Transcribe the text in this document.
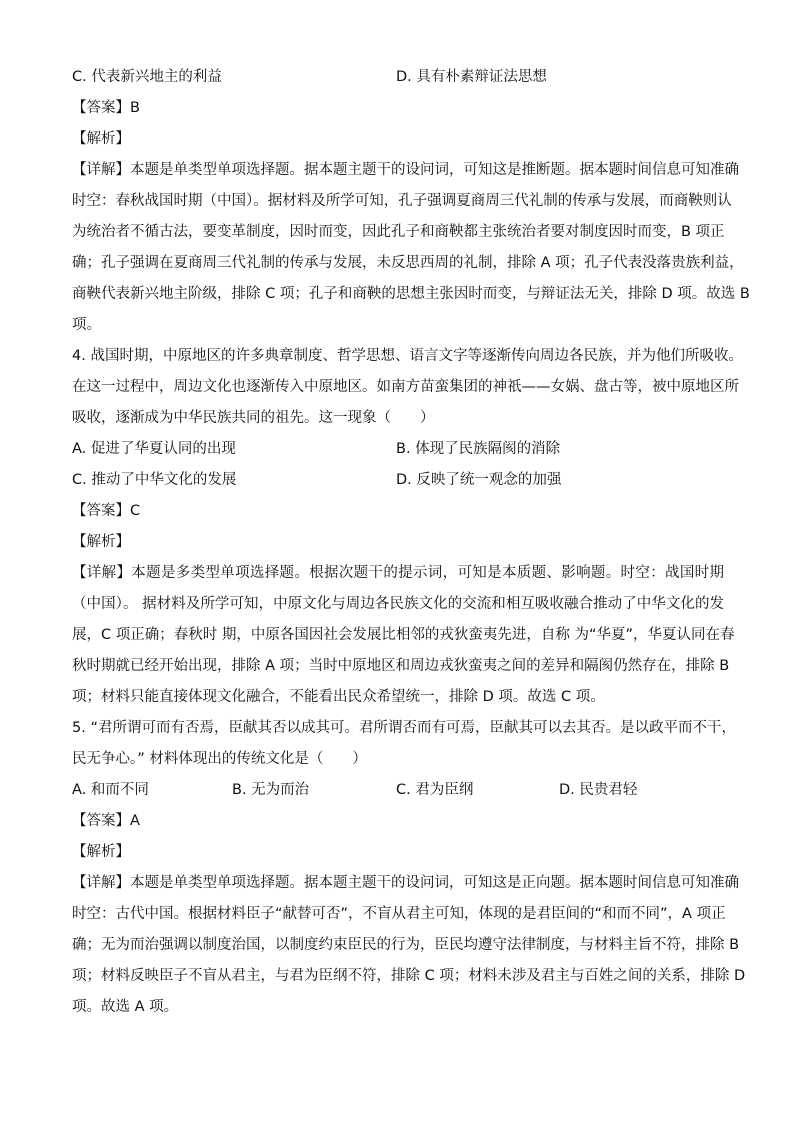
C. 代表新兴地主的利益	D. 具有朴素辩证法思想
【答案】B
【解析】
【详解】本题是单类型单项选择题。据本题主题干的设问词，可知这是推断题。据本题时间信息可知准确
时空：春秋战国时期（中国）。据材料及所学可知，孔子强调夏商周三代礼制的传承与发展，而商鞅则认
为统治者不循古法，要变革制度，因时而变，因此孔子和商鞅都主张统治者要对制度因时而变，B 项正
确；孔子强调在夏商周三代礼制的传承与发展，未反思西周的礼制，排除 A 项；孔子代表没落贵族利益，
商鞅代表新兴地主阶级，排除 C 项；孔子和商鞅的思想主张因时而变，与辩证法无关，排除 D 项。故选 B
项。
4. 战国时期，中原地区的许多典章制度、哲学思想、语言文字等逐渐传向周边各民族，并为他们所吸收。
在这一过程中，周边文化也逐渐传入中原地区。如南方苗蛮集团的神祇——女娲、盘古等，被中原地区所
吸收，逐渐成为中华民族共同的祖先。这一现象（　　）
A. 促进了华夏认同的出现	B. 体现了民族隔阂的消除
C. 推动了中华文化的发展	D. 反映了统一观念的加强
【答案】C
【解析】
【详解】本题是多类型单项选择题。根据次题干的提示词，可知是本质题、影响题。时空：战国时期
（中国）。 据材料及所学可知，中原文化与周边各民族文化的交流和相互吸收融合推动了中华文化的发
展，C 项正确；春秋时 期，中原各国因社会发展比相邻的戎狄蛮夷先进，自称 为“华夏”，华夏认同在春
秋时期就已经开始出现，排除 A 项；当时中原地区和周边戎狄蛮夷之间的差异和隔阂仍然存在，排除 B
项；材料只能直接体现文化融合，不能看出民众希望统一，排除 D 项。故选 C 项。
5. “君所谓可而有否焉，臣献其否以成其可。君所谓否而有可焉，臣献其可以去其否。是以政平而不干，
民无争心。” 材料体现出的传统文化是（　　）
A. 和而不同	B. 无为而治	C. 君为臣纲	D. 民贵君轻
【答案】A
【解析】
【详解】本题是单类型单项选择题。据本题主题干的设问词，可知这是正向题。据本题时间信息可知准确
时空：古代中国。根据材料臣子“献替可否”，不盲从君主可知，体现的是君臣间的“和而不同”，A 项正
确；无为而治强调以制度治国，以制度约束臣民的行为，臣民均遵守法律制度，与材料主旨不符，排除 B
项；材料反映臣子不盲从君主，与君为臣纲不符，排除 C 项；材料未涉及君主与百姓之间的关系，排除 D
项。故选 A 项。
